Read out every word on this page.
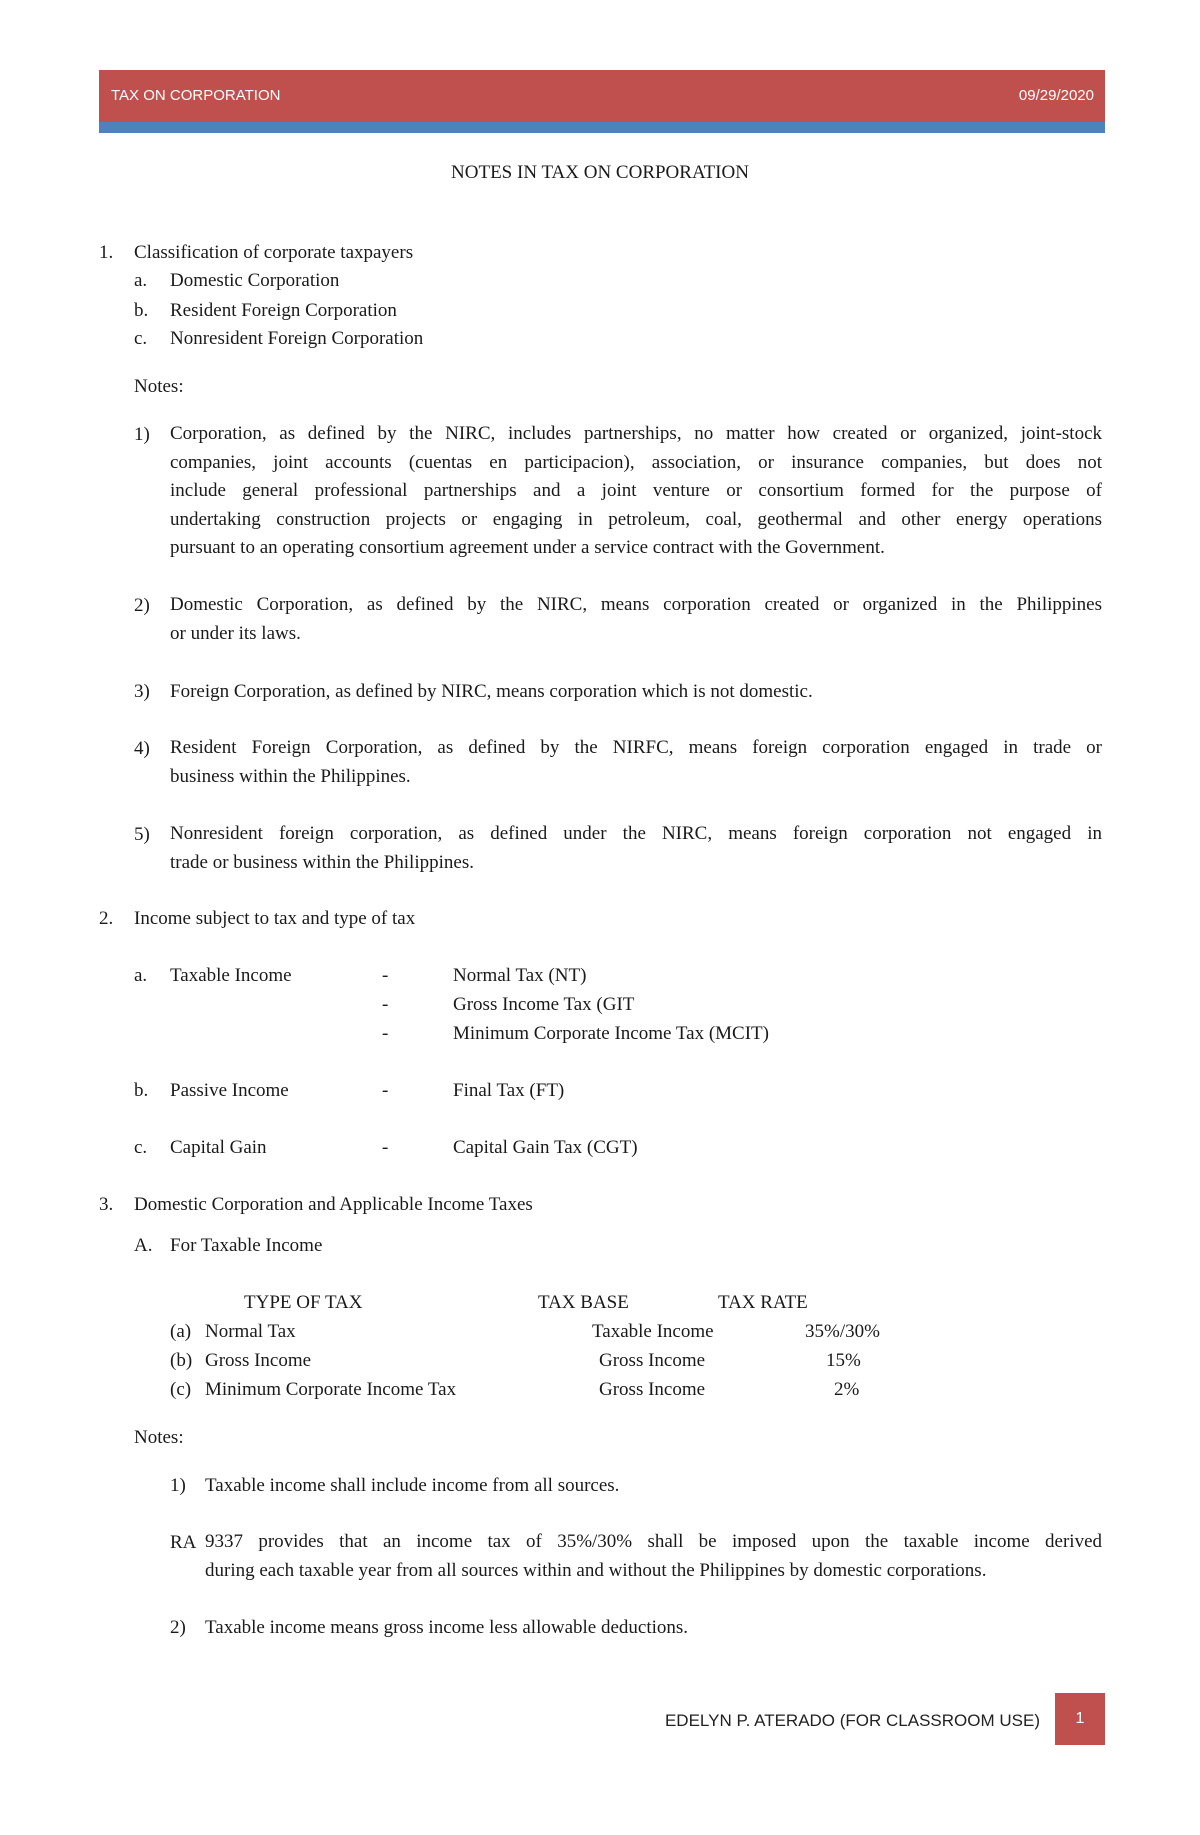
TAX ON CORPORATION	09/29/2020
NOTES IN TAX ON CORPORATION
1. Classification of corporate taxpayers
a. Domestic Corporation
b. Resident Foreign Corporation
c. Nonresident Foreign Corporation
Notes:
1) Corporation, as defined by the NIRC, includes partnerships, no matter how created or organized, joint-stock
companies, joint accounts (cuentas en participacion), association, or insurance companies, but does not
include general professional partnerships and a joint venture or consortium formed for the purpose of
undertaking construction projects or engaging in petroleum, coal, geothermal and other energy operations
pursuant to an operating consortium agreement under a service contract with the Government.
2) Domestic Corporation, as defined by the NIRC, means corporation created or organized in the Philippines
or under its laws.
3) Foreign Corporation, as defined by NIRC, means corporation which is not domestic.
4) Resident Foreign Corporation, as defined by the NIRFC, means foreign corporation engaged in trade or
business within the Philippines.
5) Nonresident foreign corporation, as defined under the NIRC, means foreign corporation not engaged in
trade or business within the Philippines.
2. Income subject to tax and type of tax
a. Taxable Income	-	Normal Tax (NT)
-	Gross Income Tax (GIT
-	Minimum Corporate Income Tax (MCIT)
b. Passive Income	-	Final Tax (FT)
c. Capital Gain	-	Capital Gain Tax (CGT)
3. Domestic Corporation and Applicable Income Taxes
A. For Taxable Income
TYPE OF TAX	TAX BASE	TAX RATE
(a) Normal Tax	Taxable Income	35%/30%
(b) Gross Income	Gross Income	15%
(c) Minimum Corporate Income Tax	Gross Income	2%
Notes:
1) Taxable income shall include income from all sources.
RA 9337 provides that an income tax of 35%/30% shall be imposed upon the taxable income derived
during each taxable year from all sources within and without the Philippines by domestic corporations.
2) Taxable income means gross income less allowable deductions.
EDELYN P. ATERADO (FOR CLASSROOM USE)	1
